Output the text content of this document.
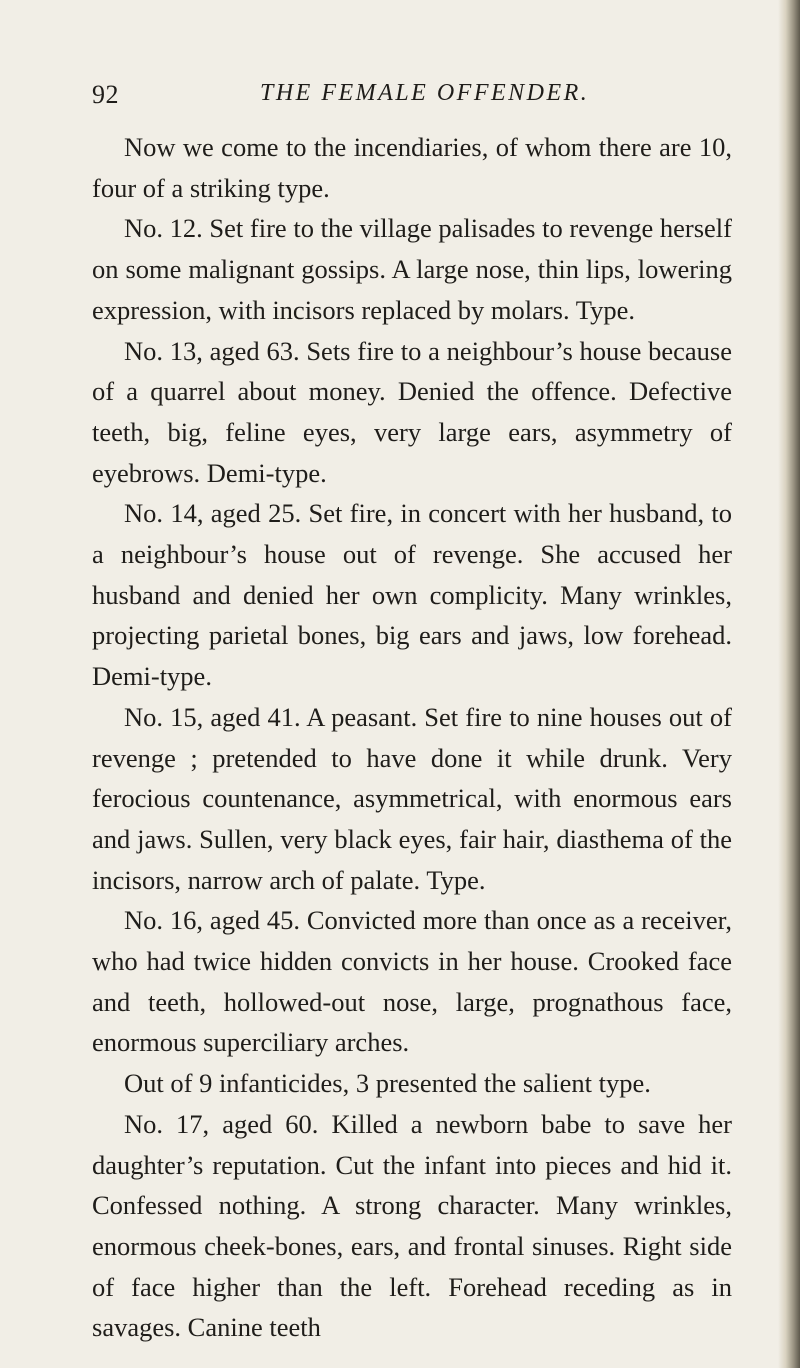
92	THE FEMALE OFFENDER.

Now we come to the incendiaries, of whom there are 10, four of a striking type.

No. 12. Set fire to the village palisades to revenge herself on some malignant gossips. A large nose, thin lips, lowering expression, with incisors replaced by molars. Type.

No. 13, aged 63. Sets fire to a neighbour’s house because of a quarrel about money. Denied the offence. Defective teeth, big, feline eyes, very large ears, asymmetry of eyebrows. Demi-type.

No. 14, aged 25. Set fire, in concert with her husband, to a neighbour’s house out of revenge. She accused her husband and denied her own complicity. Many wrinkles, projecting parietal bones, big ears and jaws, low forehead. Demi-type.

No. 15, aged 41. A peasant. Set fire to nine houses out of revenge ; pretended to have done it while drunk. Very ferocious countenance, asymmetrical, with enormous ears and jaws. Sullen, very black eyes, fair hair, diasthema of the incisors, narrow arch of palate. Type.

No. 16, aged 45. Convicted more than once as a receiver, who had twice hidden convicts in her house. Crooked face and teeth, hollowed-out nose, large, prognathous face, enormous superciliary arches.

Out of 9 infanticides, 3 presented the salient type.

No. 17, aged 60. Killed a newborn babe to save her daughter’s reputation. Cut the infant into pieces and hid it. Confessed nothing. A strong character. Many wrinkles, enormous cheek-bones, ears, and frontal sinuses. Right side of face higher than the left. Forehead receding as in savages. Canine teeth
